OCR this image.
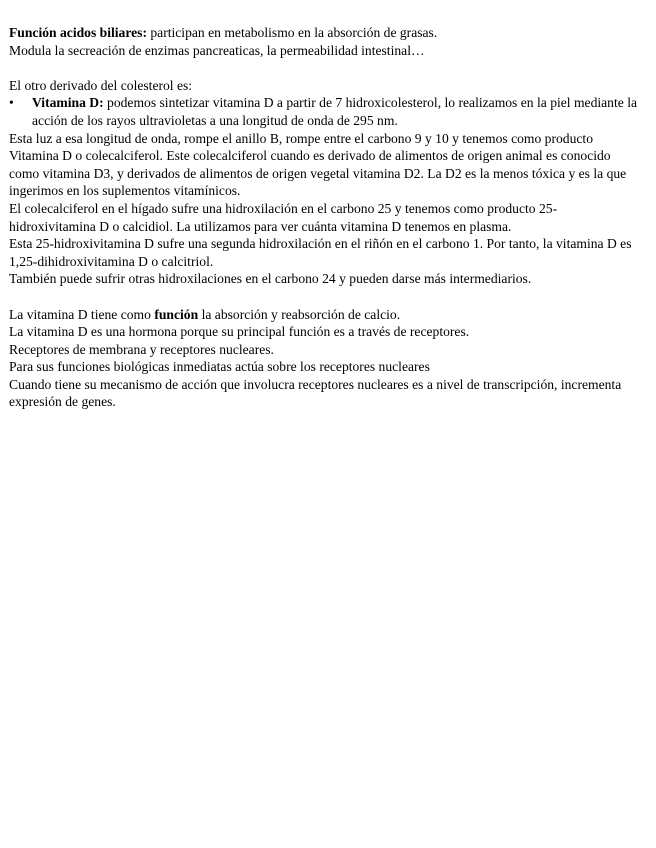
Función acidos biliares: participan en metabolismo en la absorción de grasas.

Modula la secreación de enzimas pancreaticas, la permeabilidad intestinal…

El otro derivado del colesterol es:

• Vitamina D: podemos sintetizar vitamina D a partir de 7 hidroxicolesterol, lo realizamos en la piel mediante la acción de los rayos ultravioletas a una longitud de onda de 295 nm.

Esta luz a esa longitud de onda, rompe el anillo B, rompe entre el carbono 9 y 10 y tenemos como producto Vitamina D o colecalciferol. Este colecalciferol cuando es derivado de alimentos de origen animal es conocido como vitamina D3, y derivados de alimentos de origen vegetal vitamina D2. La D2 es la menos tóxica y es la que ingerimos en los suplementos vitamínicos.

El colecalciferol en el hígado sufre una hidroxilación en el carbono 25 y tenemos como producto 25-hidroxivitamina D o calcidiol. La utilizamos para ver cuánta vitamina D tenemos en plasma.

Esta 25-hidroxivitamina D sufre una segunda hidroxilación en el riñón en el carbono 1. Por tanto, la vitamina D es 1,25-dihidroxivitamina D o calcitriol.

También puede sufrir otras hidroxilaciones en el carbono 24 y pueden darse más intermediarios.

La vitamina D tiene como función la absorción y reabsorción de calcio.

La vitamina D es una hormona porque su principal función es a través de receptores.

Receptores de membrana y receptores nucleares.

Para sus funciones biológicas inmediatas actúa sobre los receptores nucleares

Cuando tiene su mecanismo de acción que involucra receptores nucleares es a nivel de transcripción, incrementa expresión de genes.
